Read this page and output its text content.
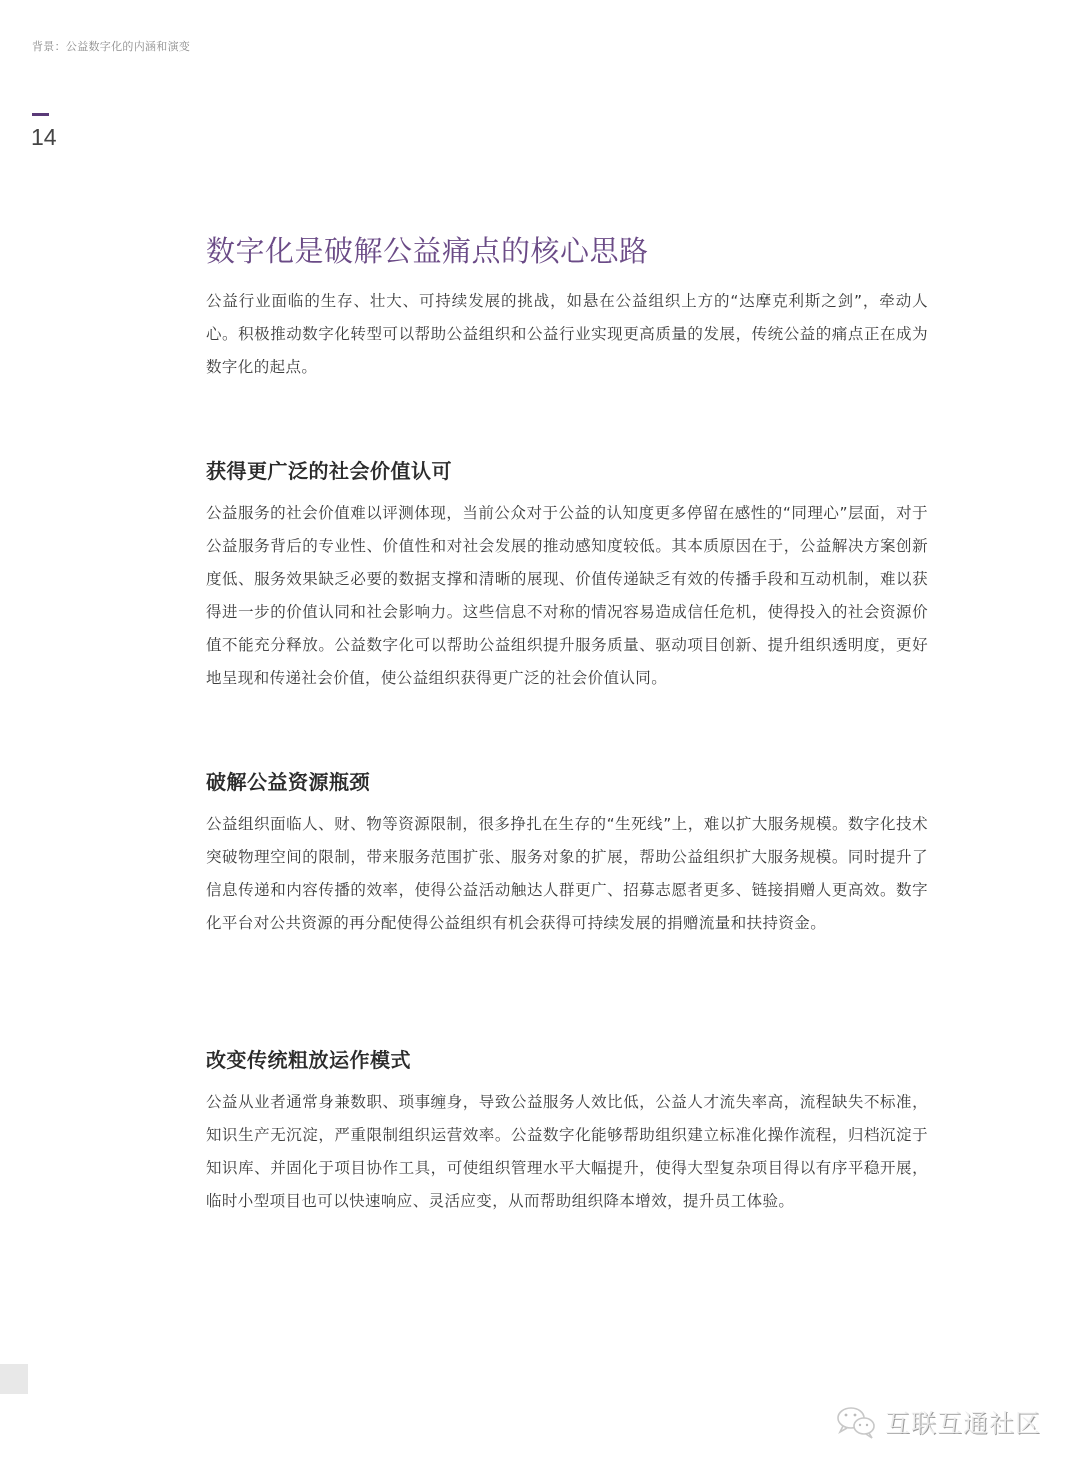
背景：公益数字化的内涵和演变
14
数字化是破解公益痛点的核心思路

公益行业面临的生存、壮大、可持续发展的挑战，如悬在公益组织上方的“达摩克利斯之剑”，牵动人心。积极推动数字化转型可以帮助公益组织和公益行业实现更高质量的发展，传统公益的痛点正在成为数字化的起点。

获得更广泛的社会价值认可

公益服务的社会价值难以评测体现，当前公众对于公益的认知度更多停留在感性的“同理心”层面，对于公益服务背后的专业性、价值性和对社会发展的推动感知度较低。其本质原因在于，公益解决方案创新度低、服务效果缺乏必要的数据支撑和清晰的展现、价值传递缺乏有效的传播手段和互动机制，难以获得进一步的价值认同和社会影响力。这些信息不对称的情况容易造成信任危机，使得投入的社会资源价值不能充分释放。公益数字化可以帮助公益组织提升服务质量、驱动项目创新、提升组织透明度，更好地呈现和传递社会价值，使公益组织获得更广泛的社会价值认同。

破解公益资源瓶颈

公益组织面临人、财、物等资源限制，很多挣扎在生存的“生死线”上，难以扩大服务规模。数字化技术突破物理空间的限制，带来服务范围扩张、服务对象的扩展，帮助公益组织扩大服务规模。同时提升了信息传递和内容传播的效率，使得公益活动触达人群更广、招募志愿者更多、链接捐赠人更高效。数字化平台对公共资源的再分配使得公益组织有机会获得可持续发展的捐赠流量和扶持资金。

改变传统粗放运作模式

公益从业者通常身兼数职、琐事缠身，导致公益服务人效比低，公益人才流失率高，流程缺失不标准，知识生产无沉淀，严重限制组织运营效率。公益数字化能够帮助组织建立标准化操作流程，归档沉淀于知识库、并固化于项目协作工具，可使组织管理水平大幅提升，使得大型复杂项目得以有序平稳开展，临时小型项目也可以快速响应、灵活应变，从而帮助组织降本增效，提升员工体验。

互联互通社区
